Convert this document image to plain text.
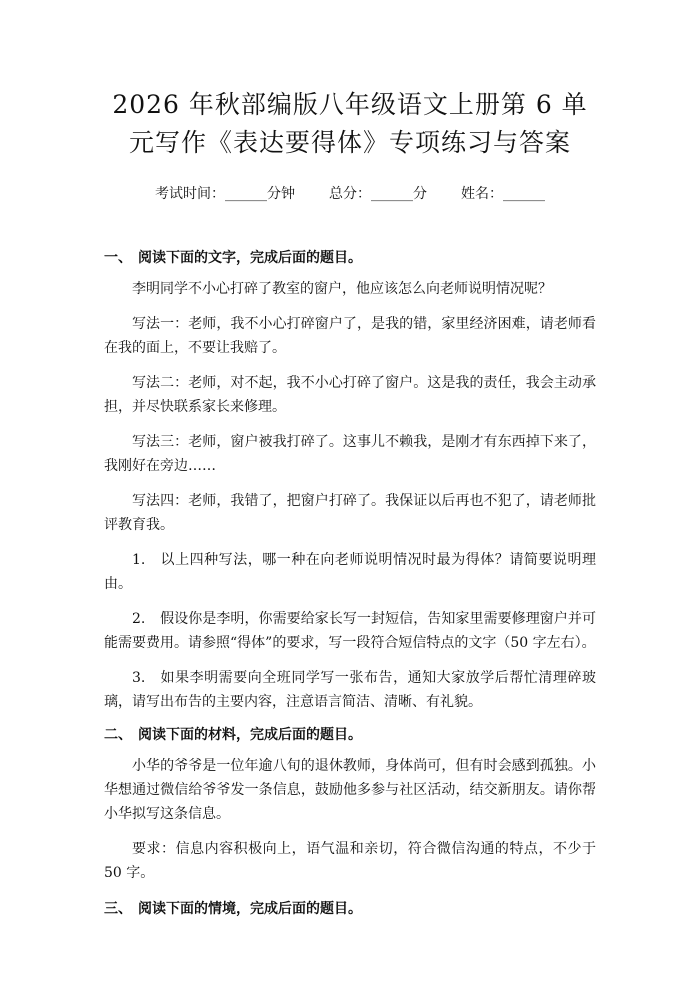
2026 年秋部编版八年级语文上册第 6 单元写作《表达要得体》专项练习与答案
考试时间：______分钟 总分：______分 姓名：______
一、 阅读下面的文字，完成后面的题目。

李明同学不小心打碎了教室的窗户，他应该怎么向老师说明情况呢？

写法一：老师，我不小心打碎窗户了，是我的错，家里经济困难，请老师看在我的面上，不要让我赔了。

写法二：老师，对不起，我不小心打碎了窗户。这是我的责任，我会主动承担，并尽快联系家长来修理。

写法三：老师，窗户被我打碎了。这事儿不赖我，是刚才有东西掉下来了，我刚好在旁边……

写法四：老师，我错了，把窗户打碎了。我保证以后再也不犯了，请老师批评教育我。

1. 以上四种写法，哪一种在向老师说明情况时最为得体？请简要说明理由。

2. 假设你是李明，你需要给家长写一封短信，告知家里需要修理窗户并可能需要费用。请参照“得体”的要求，写一段符合短信特点的文字（50 字左右）。

3. 如果李明需要向全班同学写一张布告，通知大家放学后帮忙清理碎玻璃，请写出布告的主要内容，注意语言简洁、清晰、有礼貌。

二、 阅读下面的材料，完成后面的题目。

小华的爷爷是一位年逾八旬的退休教师，身体尚可，但有时会感到孤独。小华想通过微信给爷爷发一条信息，鼓励他多参与社区活动，结交新朋友。请你帮小华拟写这条信息。

要求：信息内容积极向上，语气温和亲切，符合微信沟通的特点，不少于 50 字。

三、 阅读下面的情境，完成后面的题目。
